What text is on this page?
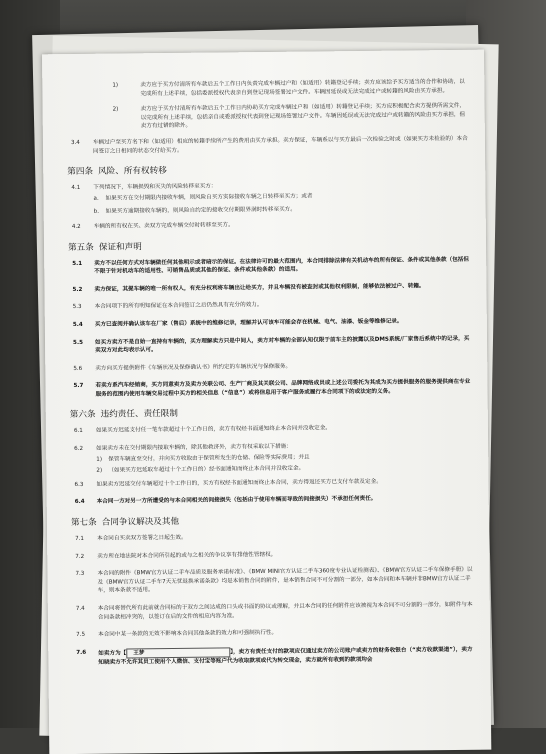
1)	卖方应于买方付清所有车款后五个工作日内负责完成车辆过户和（如适用）转籍登记手续；卖方应该给予买方适当的合作和协助，以完成所有上述手续，包括委派授权代表亲自到登记现场签署过户文件。车辆因延误或无法完成过户或转籍的风险由买方承担。
2)	卖方应于买方付清所有车款后五个工作日内协助买方完成车辆过户和（如适用）转籍登记手续；买方应积极配合卖方提供所需文件，以完成所有上述手续，包括亲自或委派授权代表到登记现场签署过户文件。车辆因延误或无法完成过户或转籍的风险由买方承担，但卖方有过错的除外。
3.4	车辆过户至买方名下和（如适用）相应的转籍手续所产生的费用由买方承担。卖方保证，车辆系以与买方最后一次检验之时或（如果买方未检验的）本合同签订之日相同的状态交付给买方。
第四条 风险、所有权转移
4.1	下列情况下，车辆损毁和灭失的风险转移至买方：
a.	如果买方在交付期限内接收车辆，则风险自买方实际接收车辆之日转移至买方；或者
b.	如果买方逾期接收车辆的，则风险自约定的接收交付期限界满时转移至买方。
4.2	车辆的所有权在买、卖双方完成车辆交付时转移至买方。
第五条 保证和声明
5.1	卖方不以任何方式对车辆做任何其他明示或者暗示的保证。在法律许可的最大范围内，本合同排除法律有关机动车的所有保证、条件或其他条款（包括但不限于针对机动车的适用性、可销售品质或其他的保证、条件或其他条款）的适用。
5.2	卖方保证，其提车辆的唯一所有权人，有充分权利将车辆出让给买方，并且车辆没有被查封或其他权利限制，能够依法被过户、转籍。
5.3	本合同项下的所有明知保证在本合同签订之后仍然具有充分的效力。
5.4	买方已查阅并确认该车在厂家（售后）系统中的维修记录，理解并认可该车可能会存在机械、电气、油漆、钣金等维修记录。
5.5	如买方卖方不是自始一直持有车辆的，买方理解卖方只是中间人，卖方对车辆的全部认知仅限于前车主的披露以及DMS系统/厂家售后系统中的记录，买卖双方对此均表示认可。
5.6	卖方向买方提供附件《车辆状况及保修确认书》所约定的车辆状况与保修服务。
5.7	若卖方系汽车经销商，买方同意卖方及卖方关联公司、生产厂商及其关联公司、品牌网络成员或上述公司委托为其成为买方提供服务的服务提供商在专业服务的范围内使用车辆交易过程中买方的相关信息（“信息”）或将信息用于客户服务或履行本合同项下的或法定的义务。
第六条 违约责任、责任限制
6.1	如果买方迟延支付任一笔车款超过十个工作日的，卖方有权经书面通知终止本合同并没收定金。
6.2	如果卖方未在交付期限内接取车辆的，除其他救济外，卖方有权采取以下措施：
1)	保管车辆直至交付，并向买方收取由于保管所发生的仓储、保险等实际费用；并且
2)	（如果买方迟延取车超过十个工作日的）经书面通知而终止本合同并没收定金。
6.3	如果卖方迟延交付车辆超过十个工作日的，买方有权经书面通知而终止本合同，卖方得返还买方已支付车款及定金。
6.4	本合同一方对另一方所遭受的与本合同相关的间接损失（包括由于使用车辆而导致的间接损失）不承担任何责任。
第七条 合同争议解决及其他
7.1	本合同自买卖双方签署之日起生效。
7.2	卖方所在地法院对本合同所引起的或与之相关的争议享有排他性管辖权。
7.3	本合同的附件《BMW官方认证二手车品质及服务承诺标准》、《BMW MINI官方认证二手车360度专业认证检测表》、《BMW官方认证二手车保修手册》以及《BMW官方认证二手车7天无忧退换承诺条款》均是本销售合同的附件，是本销售合同不可分割的一部分，如本合同和本车辆并非BMW官方认证二手车，则本条款不适用。
7.4	本合同将替代所有此前就合同标的于双方之间达成的口头或书面的协议或理解，并且本合同的任何附件应该被视为本合同不可分割的一部分，如附件与本合同条款相冲突的，以签订在后的文件的相应内容为准。
7.5	本合同中某一条款的无效不影响本合同其他条款的效力和可强制执行性。
7.6	如卖方为【 王梦	】，卖方有责任支付的款项应仅通过卖方的公司账户或卖方的财务收银台（“卖方收款渠道”），卖方知晓卖方不允许其员工使用个人微信、支付宝等账户代为收取款项或代为转交现金，卖方就所有收到的款项均会
